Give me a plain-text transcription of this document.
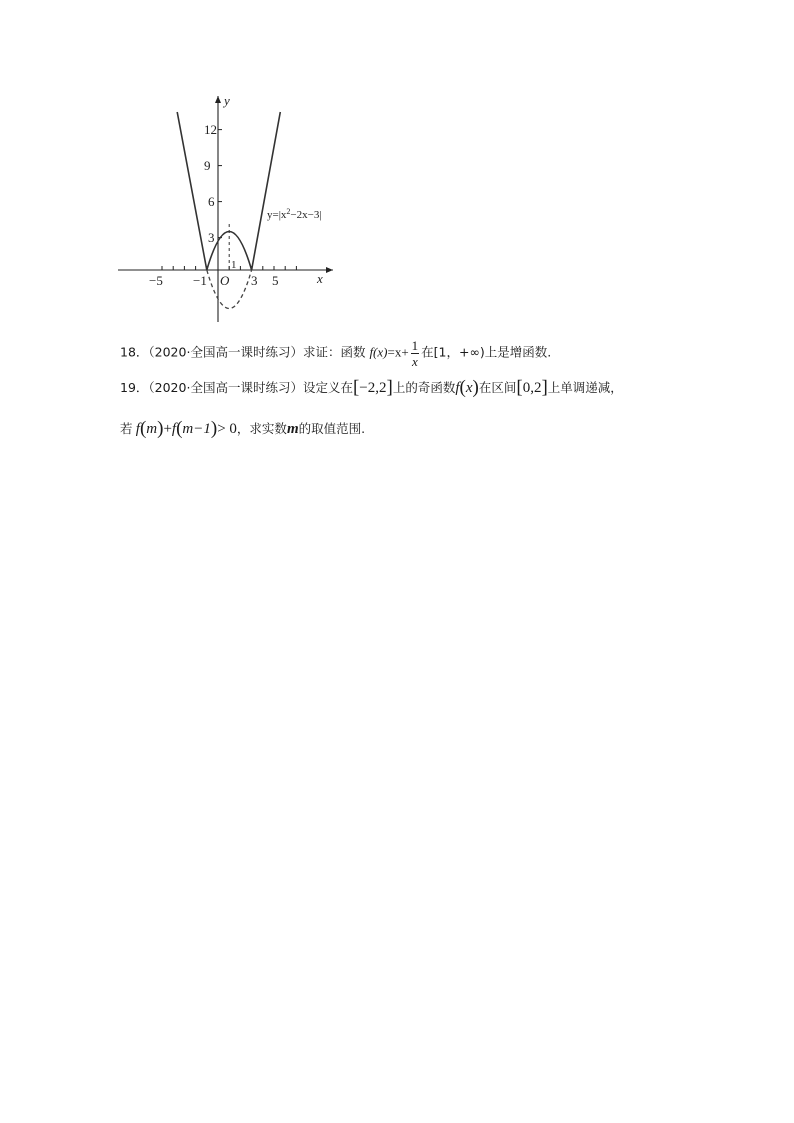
−5 −1 O 3 5	x
y
12
9
6
3
1
$y=|x^2-2x-3|$
18．（2020·全国高一课时练习）求证：函数 $f(x)=x+ \frac{1}{x}$ 在[1，+∞)上是增函数.
19．（2020·全国高一课时练习）设定义在[−2,2]上的奇函数f(x)在区间[0,2]上单调递减，
若 f(m)+f(m−1)> 0，求实数m的取值范围.
